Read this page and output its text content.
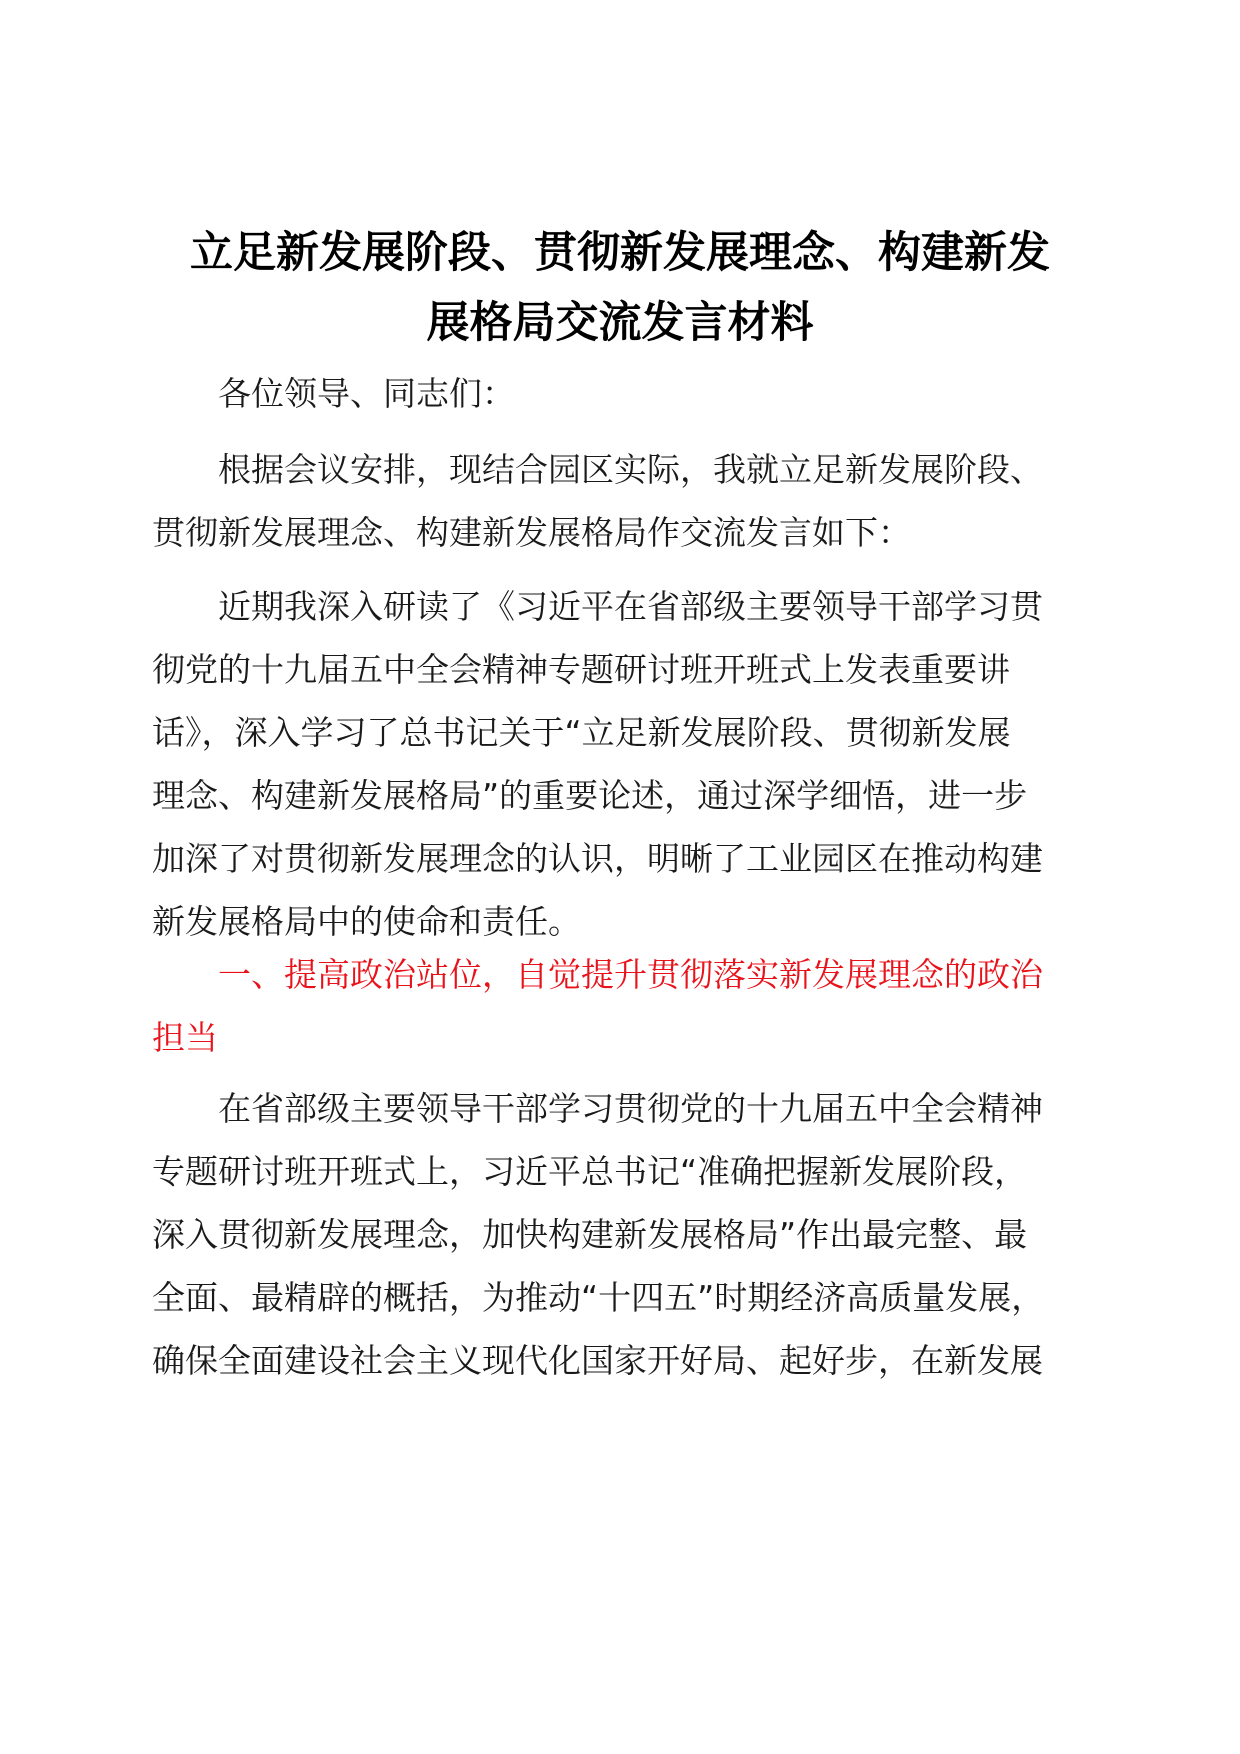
立足新发展阶段、贯彻新发展理念、构建新发
展格局交流发言材料

各位领导、同志们：

根据会议安排，现结合园区实际，我就立足新发展阶段、
贯彻新发展理念、构建新发展格局作交流发言如下：

近期我深入研读了《习近平在省部级主要领导干部学习贯
彻党的十九届五中全会精神专题研讨班开班式上发表重要讲
话》，深入学习了总书记关于“立足新发展阶段、贯彻新发展
理念、构建新发展格局”的重要论述，通过深学细悟，进一步
加深了对贯彻新发展理念的认识，明晰了工业园区在推动构建
新发展格局中的使命和责任。

一、提高政治站位，自觉提升贯彻落实新发展理念的政治
担当

在省部级主要领导干部学习贯彻党的十九届五中全会精神
专题研讨班开班式上，习近平总书记“准确把握新发展阶段，
深入贯彻新发展理念，加快构建新发展格局”作出最完整、最
全面、最精辟的概括，为推动“十四五”时期经济高质量发展，
确保全面建设社会主义现代化国家开好局、起好步，在新发展
